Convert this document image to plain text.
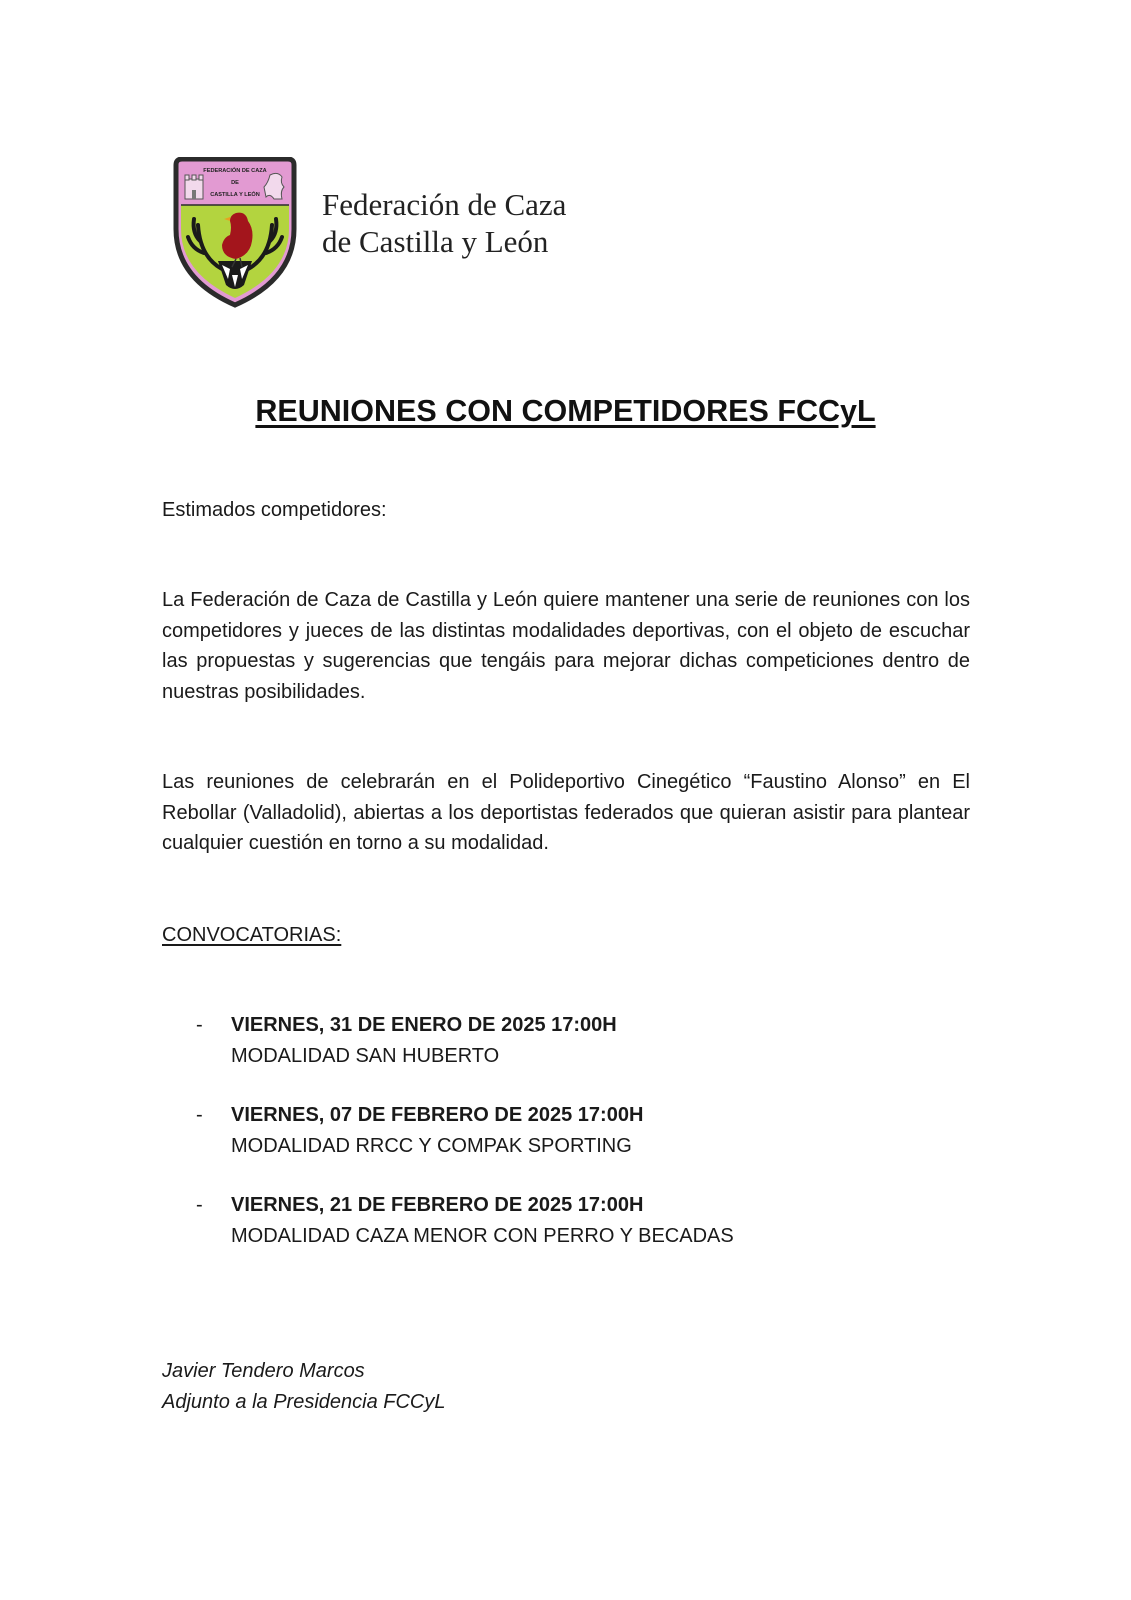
FEDERACIÓN DE CAZA
DE
CASTILLA Y LEÓN Federación de Caza
de Castilla y León
REUNIONES CON COMPETIDORES FCCyL
Estimados competidores:
La Federación de Caza de Castilla y León quiere mantener una serie de reuniones con los competidores y jueces de las distintas modalidades deportivas, con el objeto de escuchar las propuestas y sugerencias que tengáis para mejorar dichas competiciones dentro de nuestras posibilidades.
Las reuniones de celebrarán en el Polideportivo Cinegético “Faustino Alonso” en El Rebollar (Valladolid), abiertas a los deportistas federados que quieran asistir para plantear cualquier cuestión en torno a su modalidad.
CONVOCATORIAS:
- VIERNES, 31 DE ENERO DE 2025 17:00H
MODALIDAD SAN HUBERTO
- VIERNES, 07 DE FEBRERO DE 2025 17:00H
MODALIDAD RRCC Y COMPAK SPORTING
- VIERNES, 21 DE FEBRERO DE 2025 17:00H
MODALIDAD CAZA MENOR CON PERRO Y BECADAS
Javier Tendero Marcos
Adjunto a la Presidencia FCCyL
